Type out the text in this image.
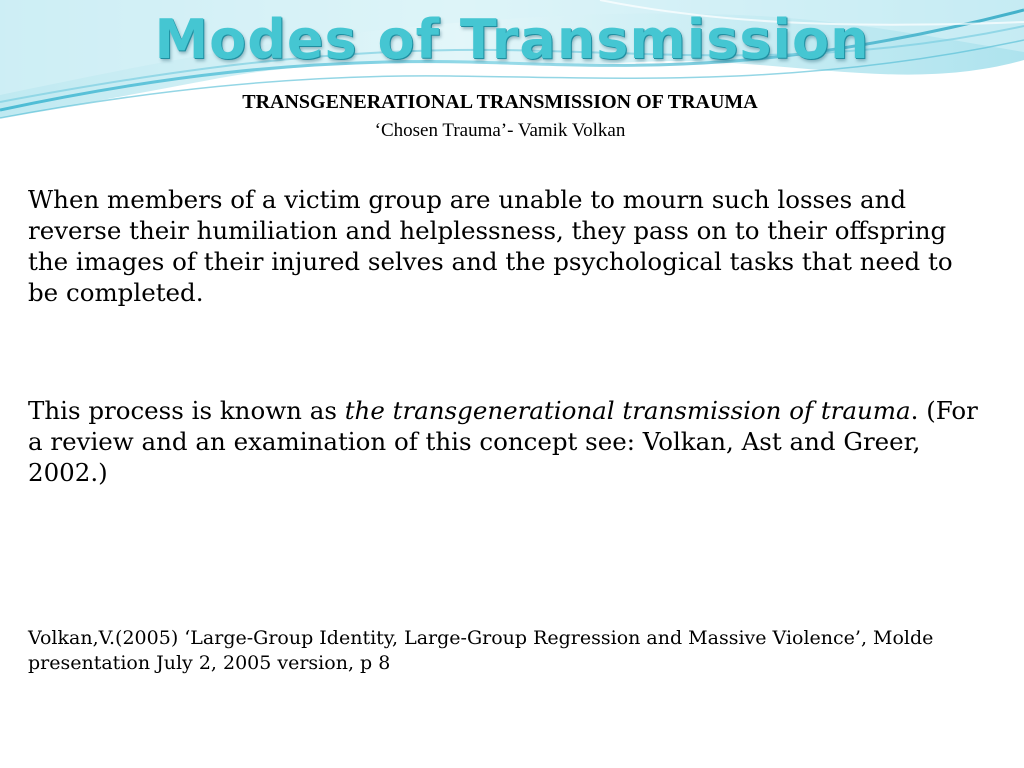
Modes of Transmission
TRANSGENERATIONAL TRANSMISSION OF TRAUMA
‘Chosen Trauma’- Vamik Volkan
When members of a victim group are unable to mourn such losses and reverse their humiliation and helplessness, they pass on to their offspring the images of their injured selves and the psychological tasks that need to be completed.
This process is known as the transgenerational transmission of trauma. (For a review and an examination of this concept see: Volkan, Ast and Greer, 2002.)
Volkan,V.(2005) ‘Large-Group Identity, Large-Group Regression and Massive Violence’, Molde presentation July 2, 2005 version, p 8
